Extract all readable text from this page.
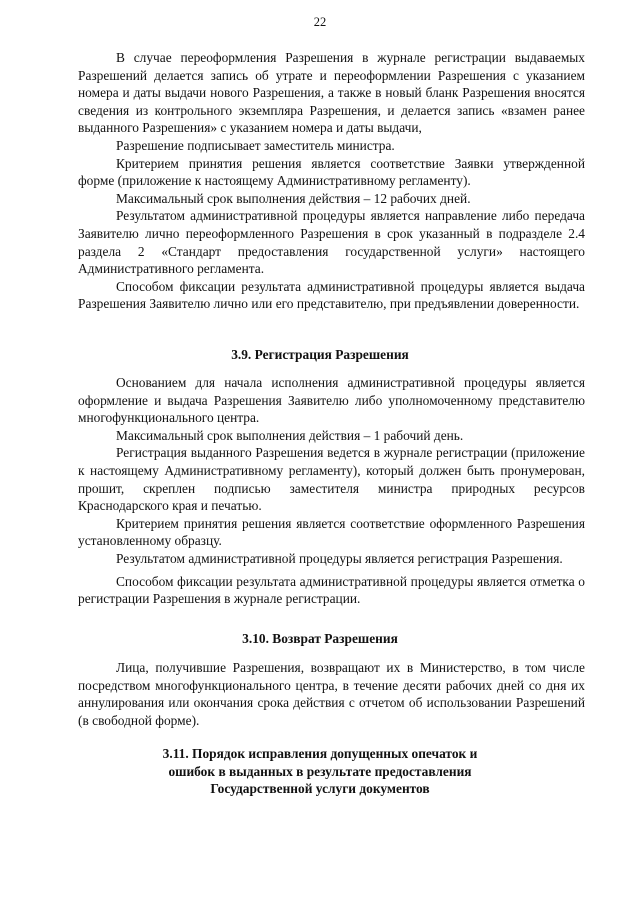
22

В случае переоформления Разрешения в журнале регистрации выдаваемых Разрешений делается запись об утрате и переоформлении Разрешения с указанием номера и даты выдачи нового Разрешения, а также в новый бланк Разрешения вносятся сведения из контрольного экземпляра Разрешения, и делается запись «взамен ранее выданного Разрешения» с указанием номера и даты выдачи,

Разрешение подписывает заместитель министра.

Критерием принятия решения является соответствие Заявки утвержденной форме (приложение к настоящему Административному регламенту).

Максимальный срок выполнения действия – 12 рабочих дней.

Результатом административной процедуры является направление либо передача Заявителю лично переоформленного Разрешения в срок указанный в подразделе 2.4 раздела 2 «Стандарт предоставления государственной услуги» настоящего Административного регламента.

Способом фиксации результата административной процедуры является выдача Разрешения Заявителю лично или его представителю, при предъявлении доверенности.

3.9. Регистрация Разрешения

Основанием для начала исполнения административной процедуры является оформление и выдача Разрешения Заявителю либо уполномоченному представителю многофункционального центра.

Максимальный срок выполнения действия – 1 рабочий день.

Регистрация выданного Разрешения ведется в журнале регистрации (приложение к настоящему Административному регламенту), который должен быть пронумерован, прошит, скреплен подписью заместителя министра природных ресурсов Краснодарского края и печатью.

Критерием принятия решения является соответствие оформленного Разрешения установленному образцу.

Результатом административной процедуры является регистрация Разрешения.

Способом фиксации результата административной процедуры является отметка о регистрации Разрешения в журнале регистрации.

3.10. Возврат Разрешения

Лица, получившие Разрешения, возвращают их в Министерство, в том числе посредством многофункционального центра, в течение десяти рабочих дней со дня их аннулирования или окончания срока действия с отчетом об использовании Разрешений (в свободной форме).

3.11. Порядок исправления допущенных опечаток и
ошибок в выданных в результате предоставления
Государственной услуги документов
